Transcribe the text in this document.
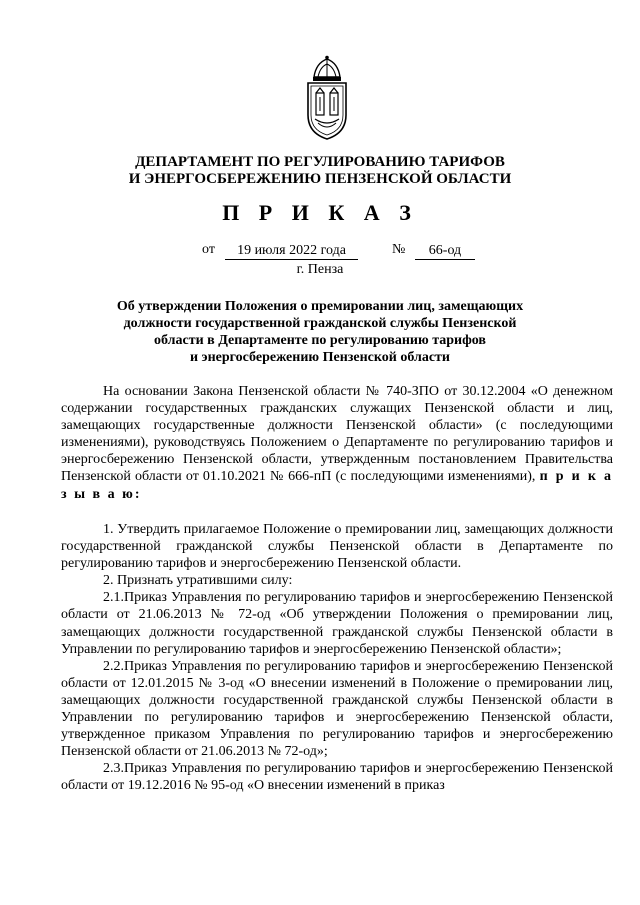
ДЕПАРТАМЕНТ ПО РЕГУЛИРОВАНИЮ ТАРИФОВ
И ЭНЕРГОСБЕРЕЖЕНИЮ ПЕНЗЕНСКОЙ ОБЛАСТИ
П Р И К А З
от	19 июля 2022 года	№	66-од
г. Пенза
Об утверждении Положения о премировании лиц, замещающих
должности государственной гражданской службы Пензенской
области в Департаменте по регулированию тарифов
и энергосбережению Пензенской области

На основании Закона Пензенской области № 740-ЗПО от 30.12.2004 «О денежном содержании государственных гражданских служащих Пензенской области и лиц, замещающих государственные должности Пензенской области» (с последующими изменениями), руководствуясь Положением о Департаменте по регулированию тарифов и энергосбережению Пензенской области, утвержденным постановлением Правительства Пензенской области от 01.10.2021 № 666-пП (с последующими изменениями), п р и к а з ы в а ю:

1. Утвердить прилагаемое Положение о премировании лиц, замещающих должности государственной гражданской службы Пензенской области в Департаменте по регулированию тарифов и энергосбережению Пензенской области.

2. Признать утратившими силу:

2.1.Приказ Управления по регулированию тарифов и энергосбережению Пензенской области от 21.06.2013 № 72-од «Об утверждении Положения о премировании лиц, замещающих должности государственной гражданской службы Пензенской области в Управлении по регулированию тарифов и энергосбережению Пензенской области»;

2.2.Приказ Управления по регулированию тарифов и энергосбережению Пензенской области от 12.01.2015 № 3-од «О внесении изменений в Положение о премировании лиц, замещающих должности государственной гражданской службы Пензенской области в Управлении по регулированию тарифов и энергосбережению Пензенской области, утвержденное приказом Управления по регулированию тарифов и энергосбережению Пензенской области от 21.06.2013 № 72-од»;

2.3.Приказ Управления по регулированию тарифов и энергосбережению Пензенской области от 19.12.2016 № 95-од «О внесении изменений в приказ
